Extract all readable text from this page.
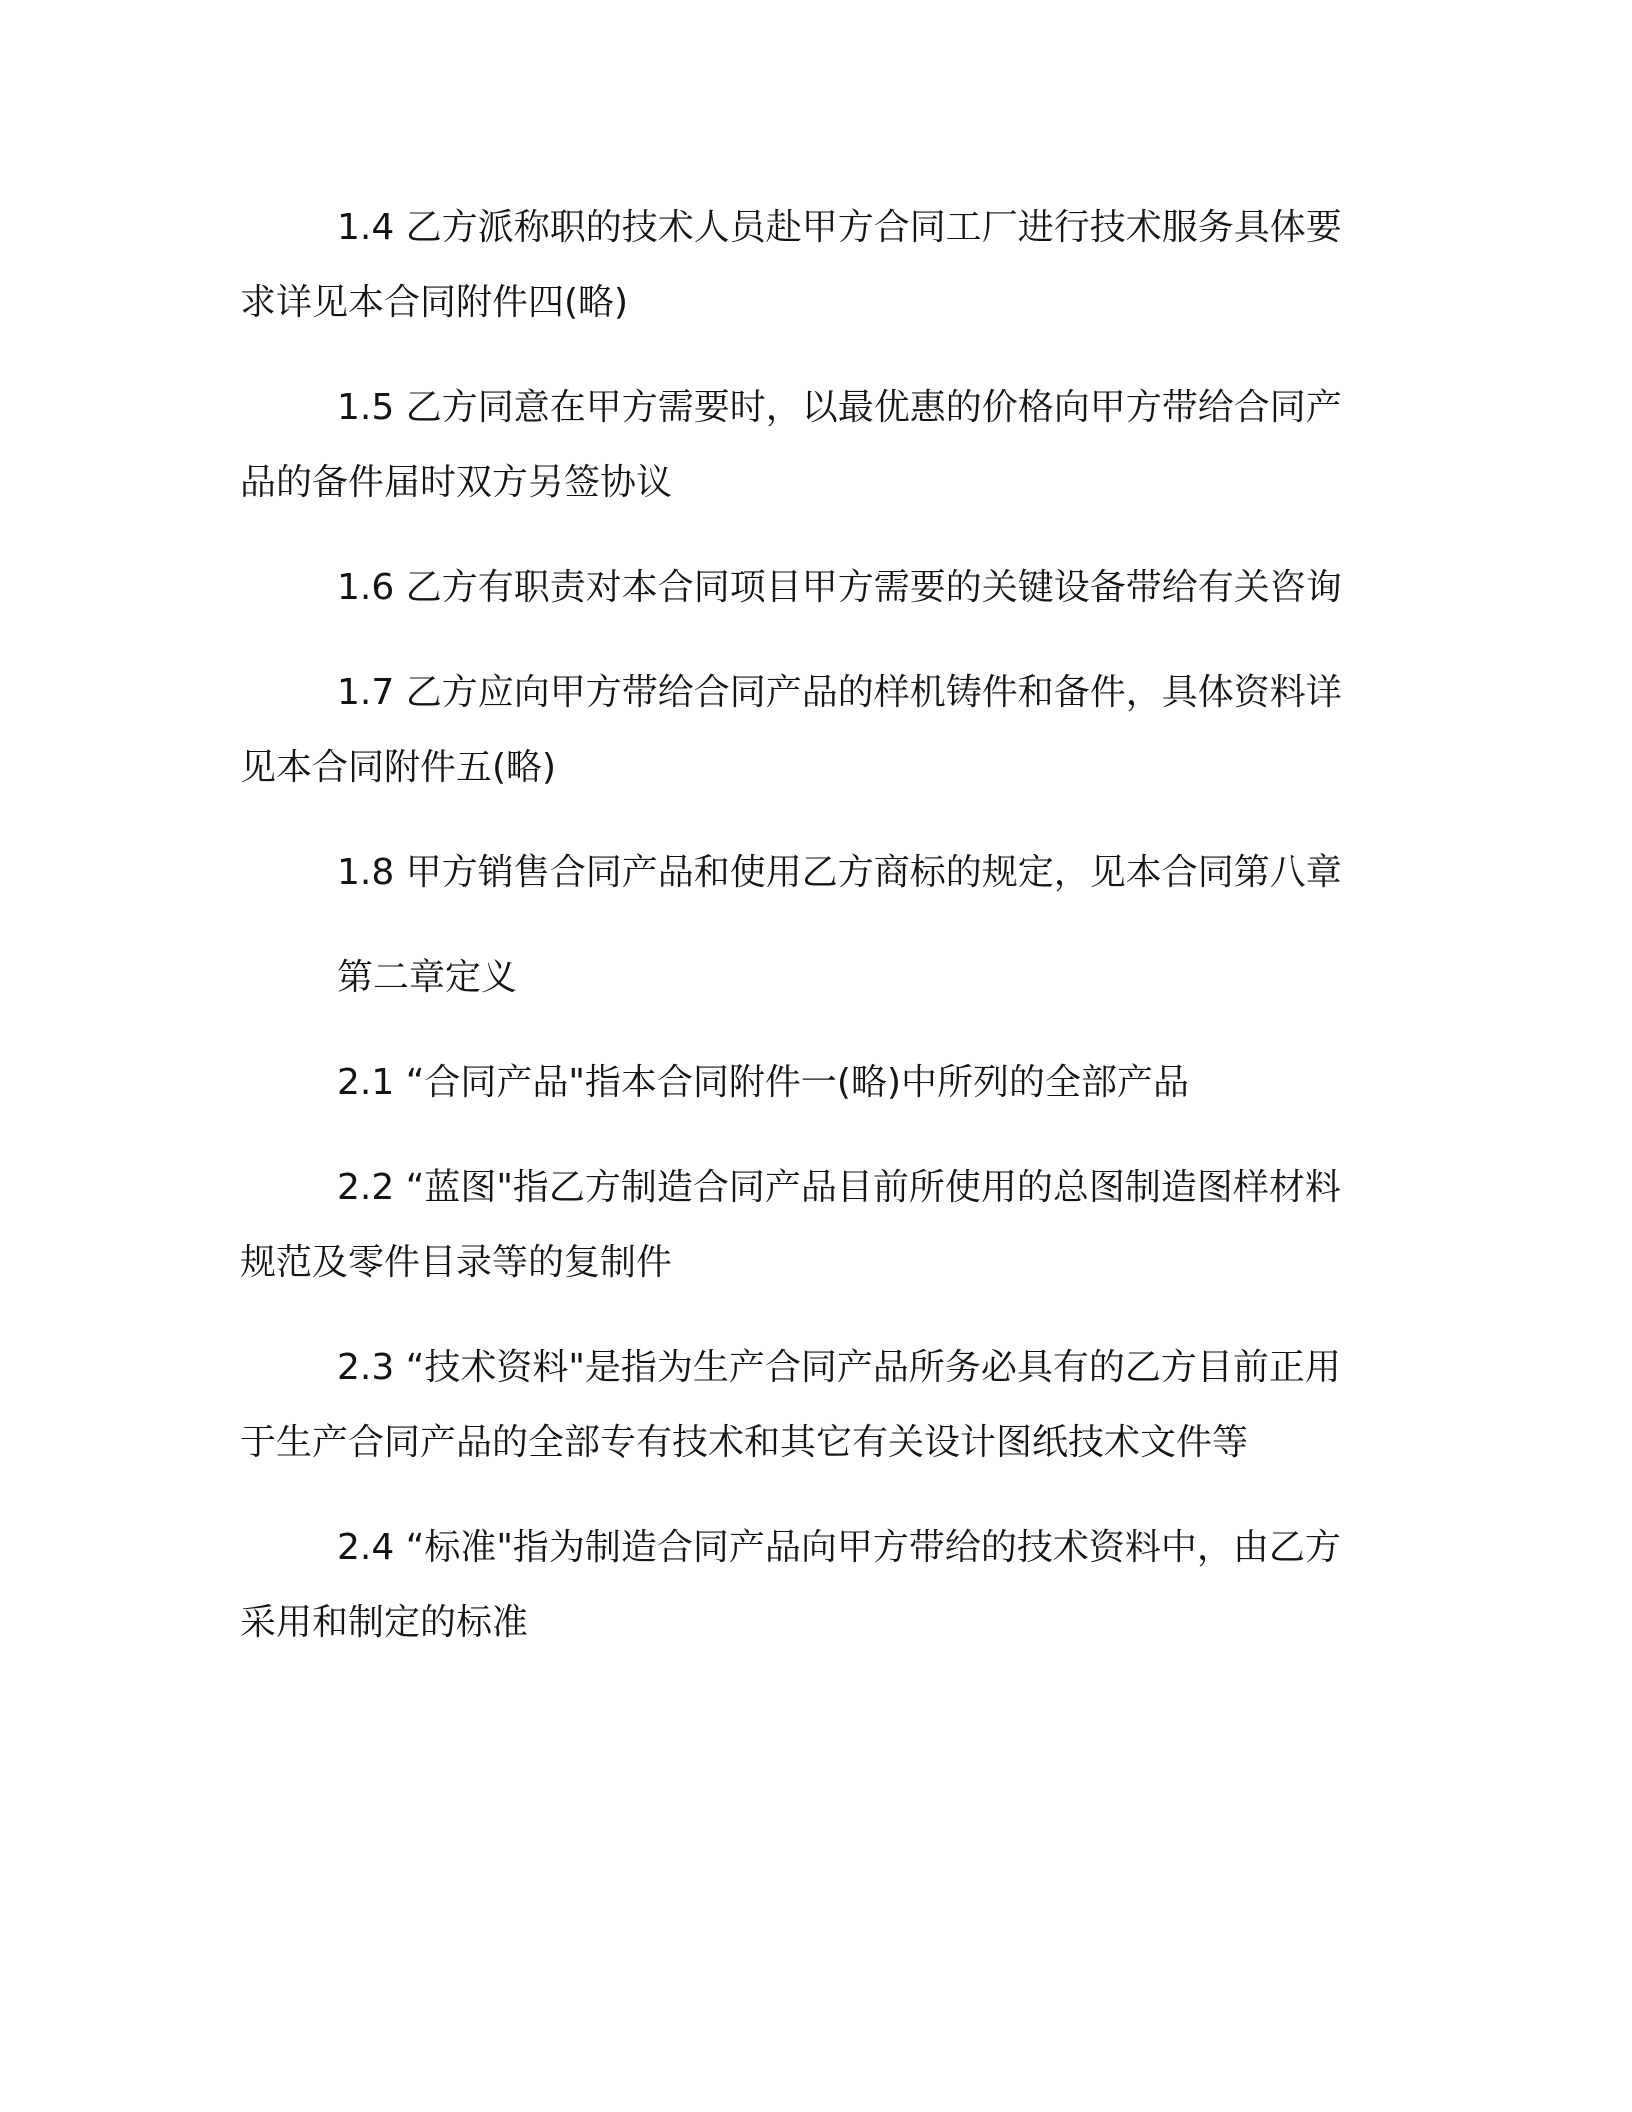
1.4 乙方派称职的技术人员赴甲方合同工厂进行技术服务具体要求详见本合同附件四(略)

1.5 乙方同意在甲方需要时，以最优惠的价格向甲方带给合同产品的备件届时双方另签协议

1.6 乙方有职责对本合同项目甲方需要的关键设备带给有关咨询

1.7 乙方应向甲方带给合同产品的样机铸件和备件，具体资料详见本合同附件五(略)

1.8 甲方销售合同产品和使用乙方商标的规定，见本合同第八章

第二章定义

2.1 “合同产品"指本合同附件一(略)中所列的全部产品

2.2 “蓝图"指乙方制造合同产品目前所使用的总图制造图样材料规范及零件目录等的复制件

2.3 “技术资料"是指为生产合同产品所务必具有的乙方目前正用于生产合同产品的全部专有技术和其它有关设计图纸技术文件等

2.4 “标准"指为制造合同产品向甲方带给的技术资料中，由乙方采用和制定的标准
